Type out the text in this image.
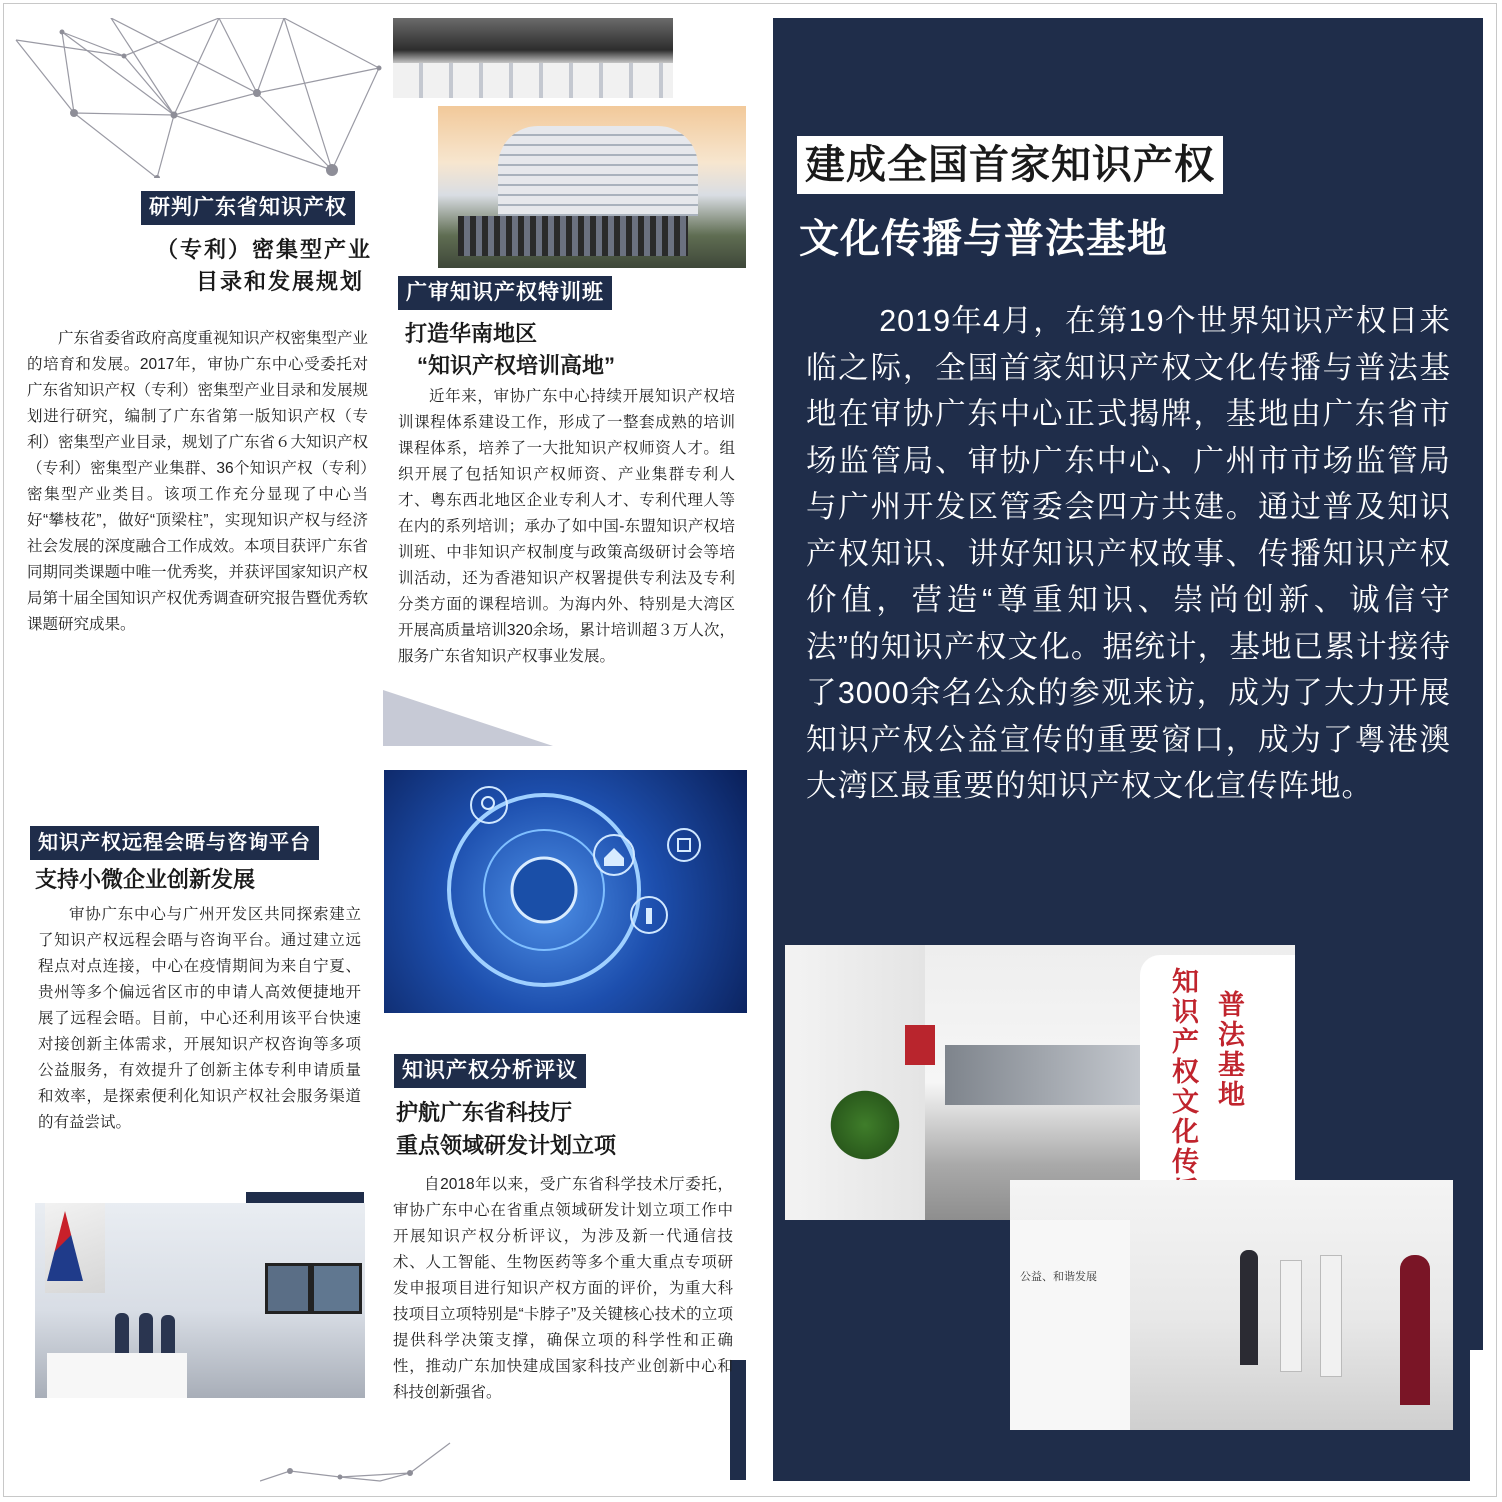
研判广东省知识产权
（专利）密集型产业
目录和发展规划
广东省委省政府高度重视知识产权密集型产业的培育和发展。2017年，审协广东中心受委托对广东省知识产权（专利）密集型产业目录和发展规划进行研究，编制了广东省第一版知识产权（专利）密集型产业目录，规划了广东省６大知识产权（专利）密集型产业集群、36个知识产权（专利）密集型产业类目。该项工作充分显现了中心当好“攀枝花”，做好“顶梁柱”，实现知识产权与经济社会发展的深度融合工作成效。本项目获评广东省同期同类课题中唯一优秀奖，并获评国家知识产权局第十届全国知识产权优秀调查研究报告暨优秀软课题研究成果。
知识产权远程会晤与咨询平台
支持小微企业创新发展
审协广东中心与广州开发区共同探索建立了知识产权远程会晤与咨询平台。通过建立远程点对点连接，中心在疫情期间为来自宁夏、贵州等多个偏远省区市的申请人高效便捷地开展了远程会晤。目前，中心还利用该平台快速对接创新主体需求，开展知识产权咨询等多项公益服务，有效提升了创新主体专利申请质量和效率，是探索便利化知识产权社会服务渠道的有益尝试。
广审知识产权特训班
打造华南地区
“知识产权培训高地”
近年来，审协广东中心持续开展知识产权培训课程体系建设工作，形成了一整套成熟的培训课程体系，培养了一大批知识产权师资人才。组织开展了包括知识产权师资、产业集群专利人才、粤东西北地区企业专利人才、专利代理人等在内的系列培训；承办了如中国-东盟知识产权培训班、中非知识产权制度与政策高级研讨会等培训活动，还为香港知识产权署提供专利法及专利分类方面的课程培训。为海内外、特别是大湾区开展高质量培训320余场，累计培训超３万人次，服务广东省知识产权事业发展。
知识产权分析评议
护航广东省科技厅
重点领域研发计划立项
自2018年以来，受广东省科学技术厅委托，审协广东中心在省重点领域研发计划立项工作中开展知识产权分析评议，为涉及新一代通信技术、人工智能、生物医药等多个重大重点专项研发申报项目进行知识产权方面的评价，为重大科技项目立项特别是“卡脖子”及关键核心技术的立项提供科学决策支撑，确保立项的科学性和正确性，推动广东加快建成国家科技产业创新中心和科技创新强省。
建成全国首家知识产权
文化传播与普法基地
2019年4月，在第19个世界知识产权日来临之际，全国首家知识产权文化传播与普法基地在审协广东中心正式揭牌，基地由广东省市场监管局、审协广东中心、广州市市场监管局与广州开发区管委会四方共建。通过普及知识产权知识、讲好知识产权故事、传播知识产权价值，营造“尊重知识、崇尚创新、诚信守法”的知识产权文化。据统计，基地已累计接待了3000余名公众的参观来访，成为了大力开展知识产权公益宣传的重要窗口，成为了粤港澳大湾区最重要的知识产权文化宣传阵地。
知识产权文化传
普法基地
公益、和谐发展
